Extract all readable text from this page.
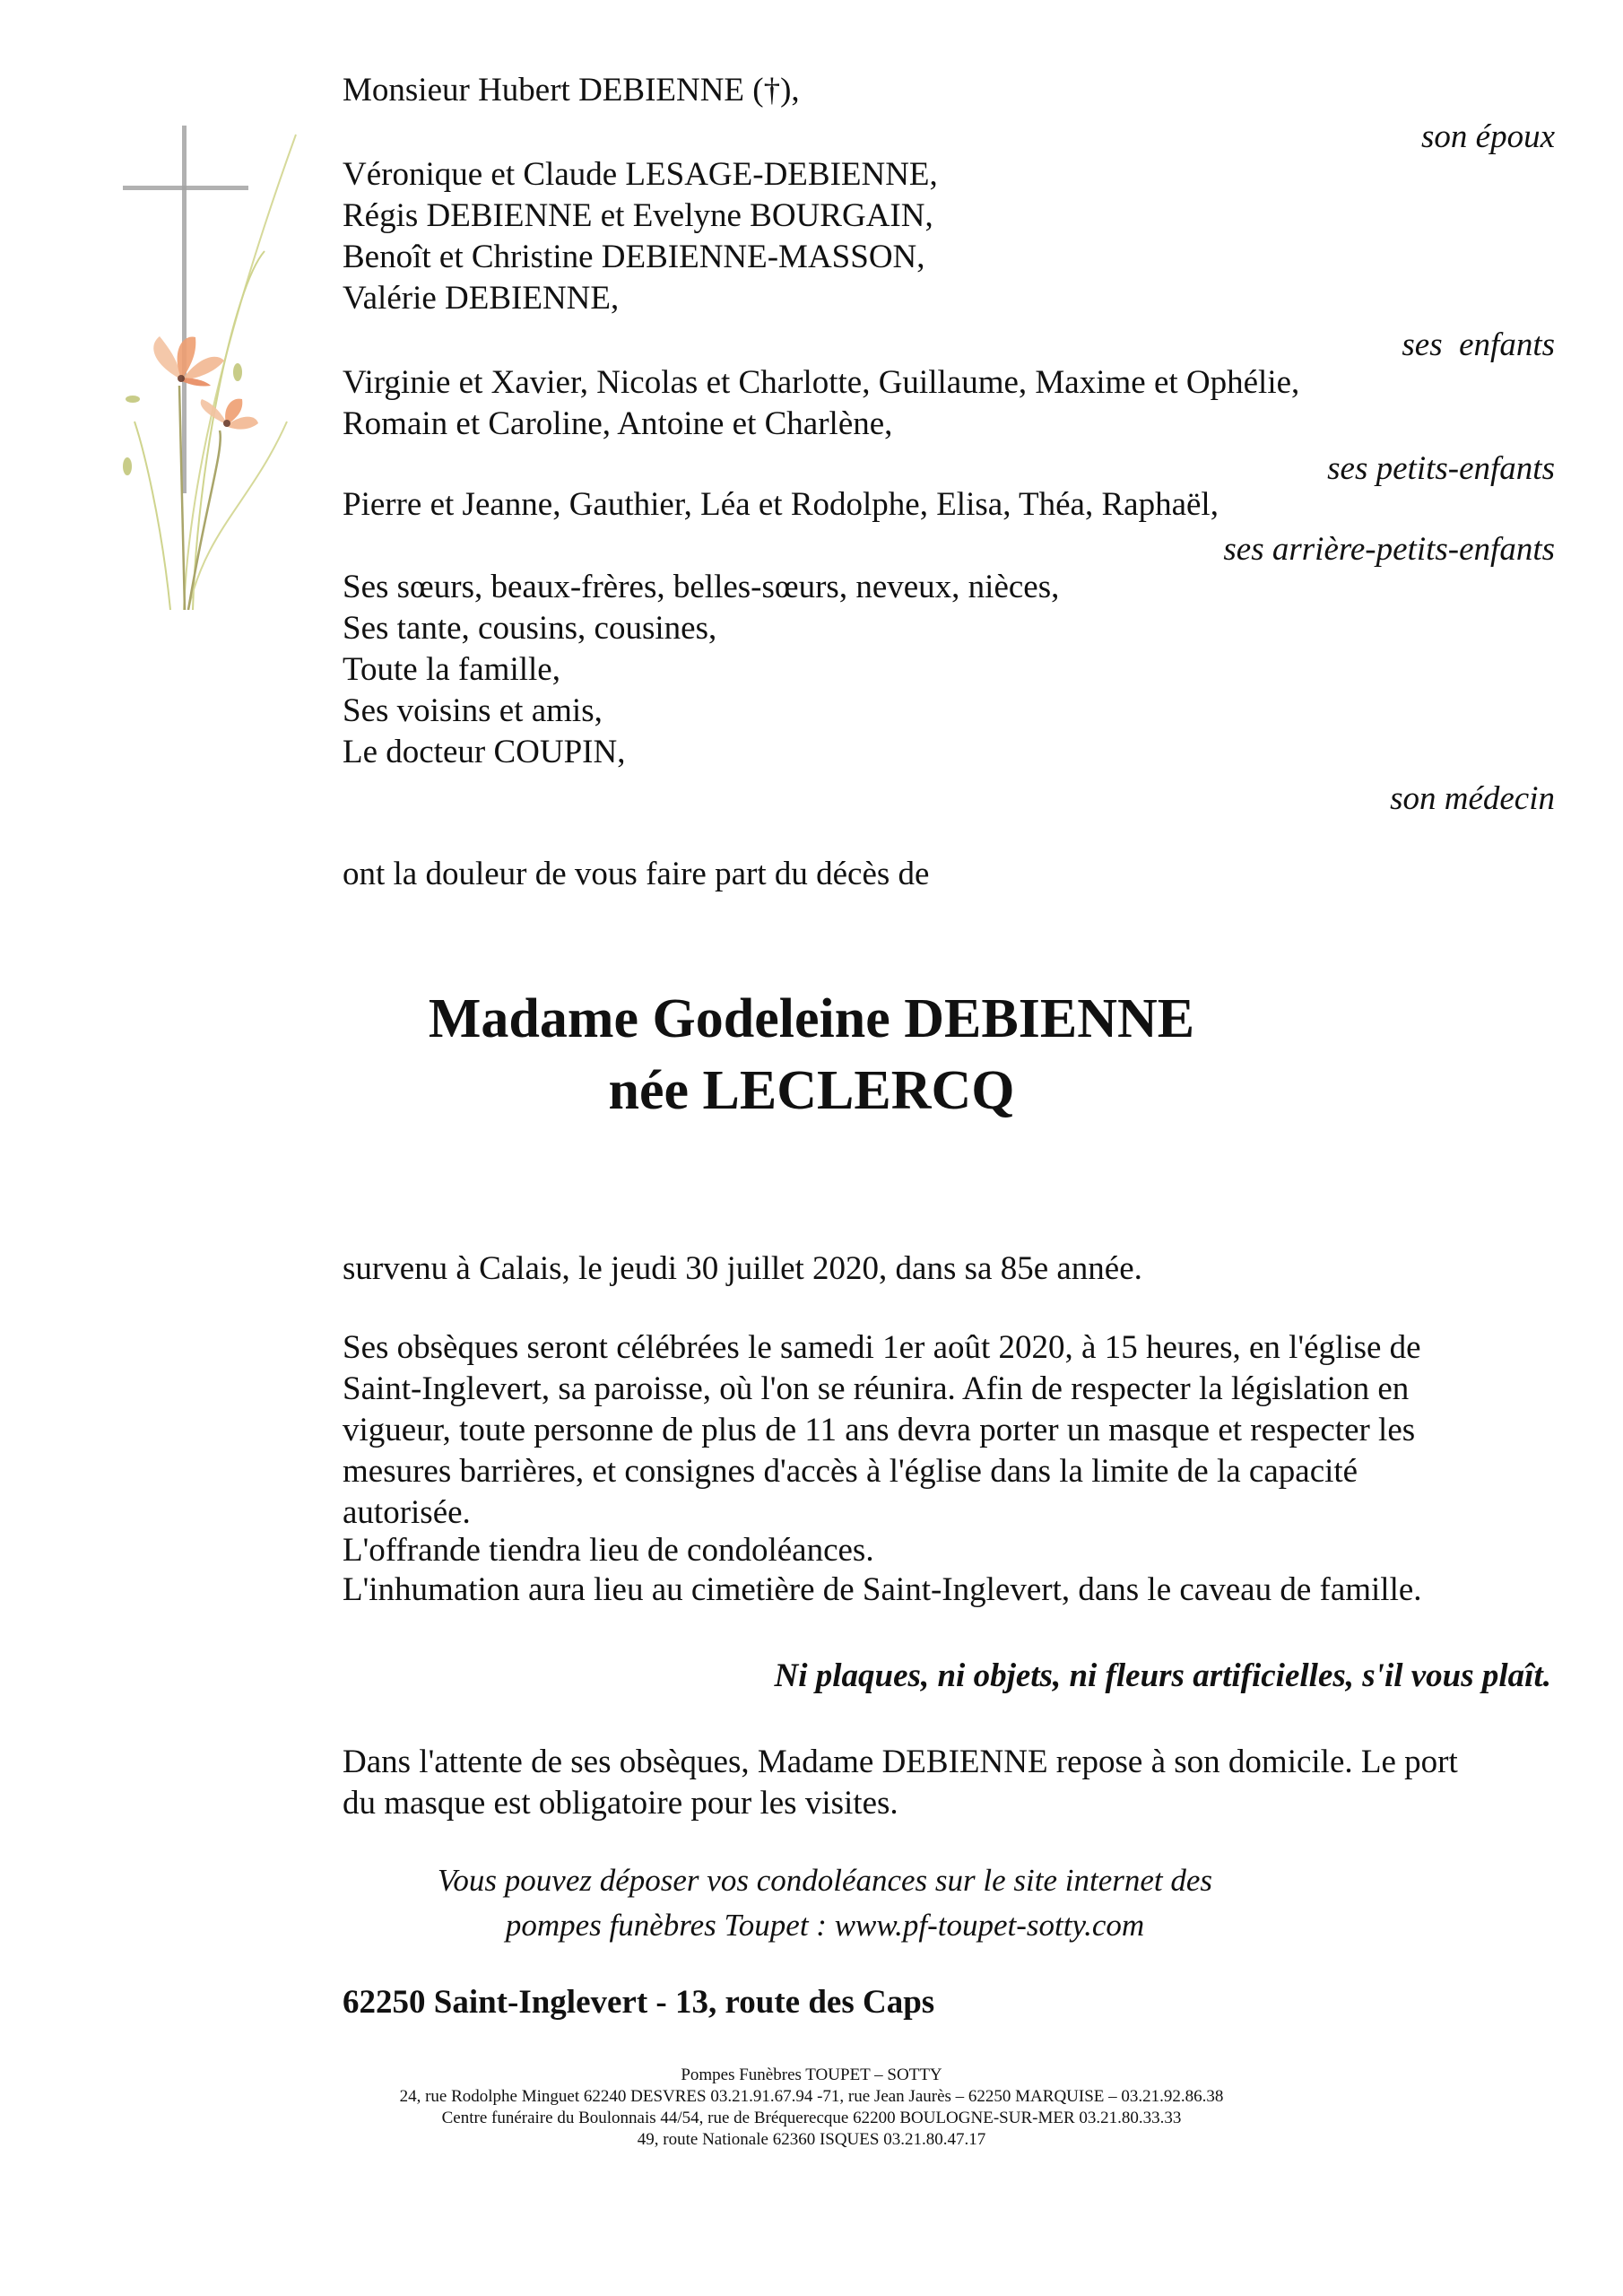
Monsieur Hubert DEBIENNE (†),
son époux
Véronique et Claude LESAGE-DEBIENNE,
Régis DEBIENNE et Evelyne BOURGAIN,
Benoît et Christine DEBIENNE-MASSON,
Valérie DEBIENNE,
ses  enfants
Virginie et Xavier, Nicolas et Charlotte, Guillaume, Maxime et Ophélie,
Romain et Caroline, Antoine et Charlène,
ses petits-enfants
Pierre et Jeanne, Gauthier, Léa et Rodolphe, Elisa, Théa, Raphaël,
ses arrière-petits-enfants
Ses sœurs, beaux-frères, belles-sœurs, neveux, nièces,
Ses tante, cousins, cousines,
Toute la famille,
Ses voisins et amis,
Le docteur COUPIN,
son médecin
ont la douleur de vous faire part du décès de
Madame Godeleine DEBIENNE
née LECLERCQ
survenu à Calais, le jeudi 30 juillet 2020, dans sa 85e année.
Ses obsèques seront célébrées le samedi 1er août 2020, à 15 heures, en l'église de
Saint-Inglevert, sa paroisse, où l'on se réunira. Afin de respecter la législation en
vigueur, toute personne de plus de 11 ans devra porter un masque et respecter les
mesures barrières, et consignes d'accès à l'église dans la limite de la capacité
autorisée.
L'offrande tiendra lieu de condoléances.
L'inhumation aura lieu au cimetière de Saint-Inglevert, dans le caveau de famille.
Ni plaques, ni objets, ni fleurs artificielles, s'il vous plaît.
Dans l'attente de ses obsèques, Madame DEBIENNE repose à son domicile. Le port
du masque est obligatoire pour les visites.
Vous pouvez déposer vos condoléances sur le site internet des
pompes funèbres Toupet : www.pf-toupet-sotty.com
62250 Saint-Inglevert - 13, route des Caps
Pompes Funèbres TOUPET – SOTTY
24, rue Rodolphe Minguet 62240 DESVRES 03.21.91.67.94 -71, rue Jean Jaurès – 62250 MARQUISE – 03.21.92.86.38
Centre funéraire du Boulonnais 44/54, rue de Bréquerecque 62200 BOULOGNE-SUR-MER 03.21.80.33.33
49, route Nationale 62360 ISQUES 03.21.80.47.17
